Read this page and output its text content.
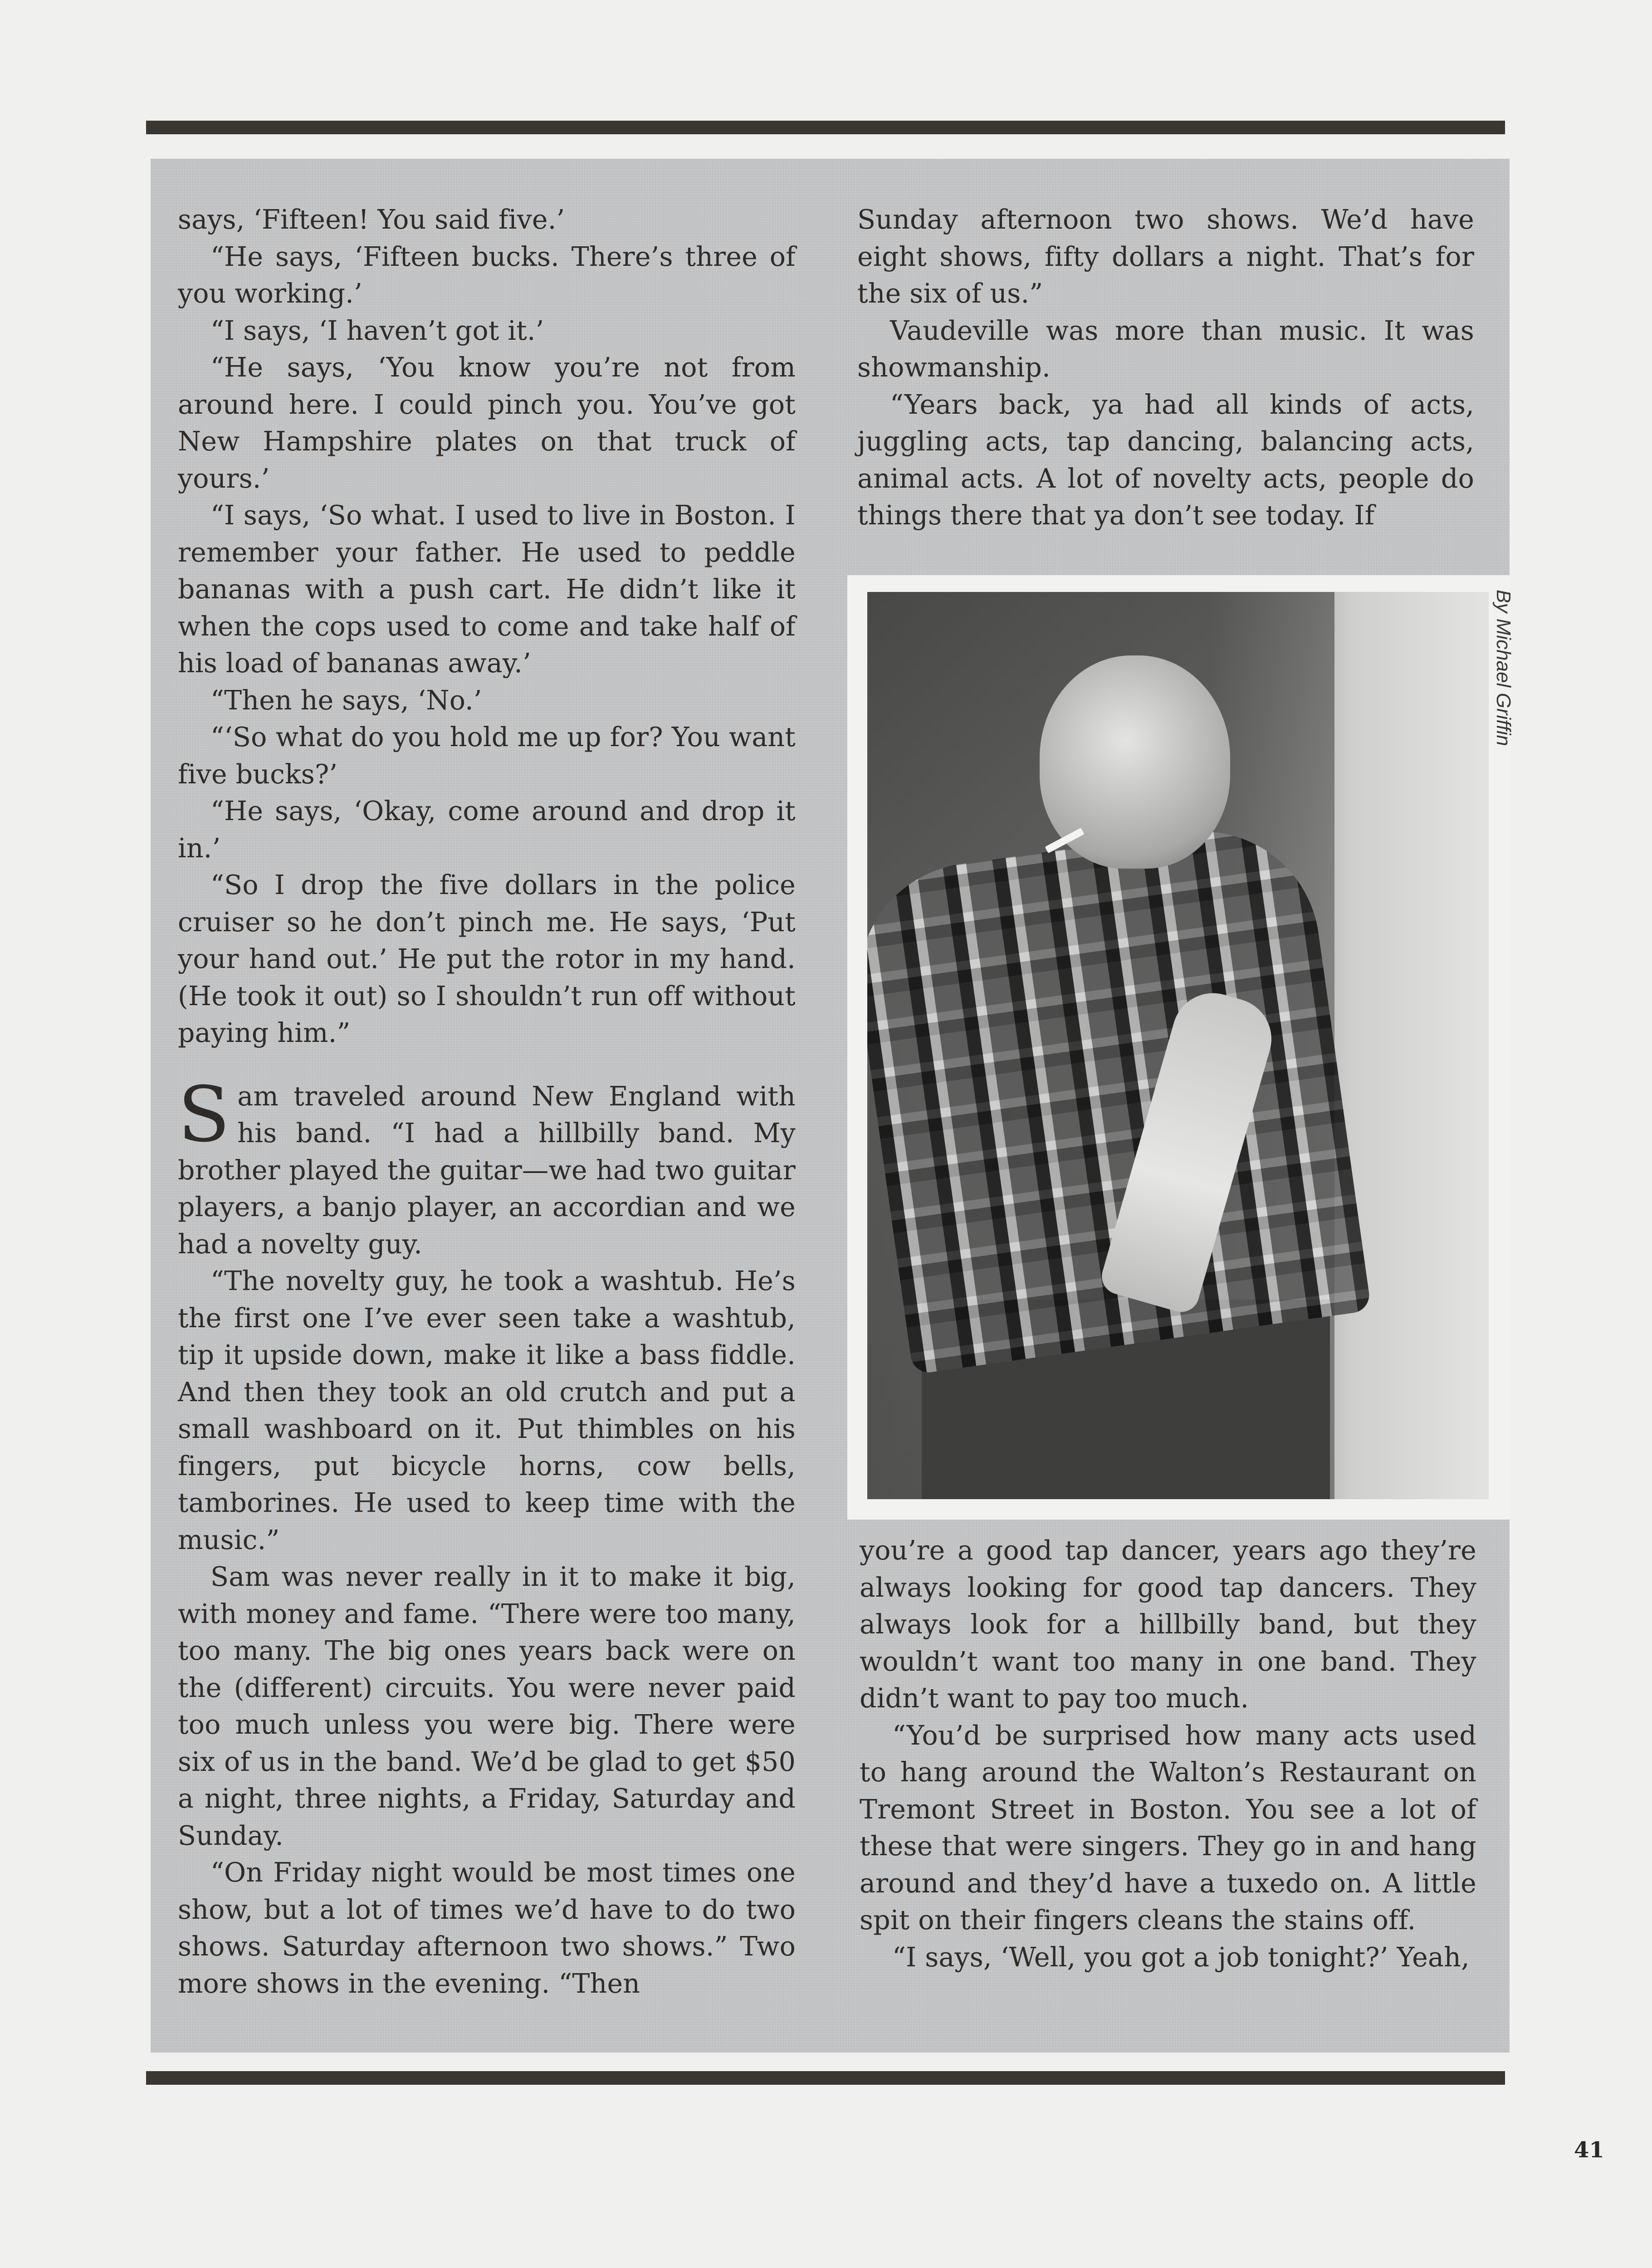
says, ‘Fifteen! You said five.’

“He says, ‘Fifteen bucks. There’s three of you working.’

“I says, ‘I haven’t got it.’

“He says, ‘You know you’re not from around here. I could pinch you. You’ve got New Hampshire plates on that truck of yours.’

“I says, ‘So what. I used to live in Boston. I remember your father. He used to peddle bananas with a push cart. He didn’t like it when the cops used to come and take half of his load of bananas away.’

“Then he says, ‘No.’

“‘So what do you hold me up for? You want five bucks?’

“He says, ‘Okay, come around and drop it in.’

“So I drop the five dollars in the police cruiser so he don’t pinch me. He says, ‘Put your hand out.’ He put the rotor in my hand. (He took it out) so I shouldn’t run off without paying him.”

Sam traveled around New England with his band. “I had a hillbilly band. My brother played the guitar—we had two guitar players, a banjo player, an accordian and we had a novelty guy.

“The novelty guy, he took a washtub. He’s the first one I’ve ever seen take a washtub, tip it upside down, make it like a bass fiddle. And then they took an old crutch and put a small washboard on it. Put thimbles on his fingers, put bicycle horns, cow bells, tamborines. He used to keep time with the music.”

Sam was never really in it to make it big, with money and fame. “There were too many, too many. The big ones years back were on the (different) circuits. You were never paid too much unless you were big. There were six of us in the band. We’d be glad to get $50 a night, three nights, a Friday, Saturday and Sunday.

“On Friday night would be most times one show, but a lot of times we’d have to do two shows. Saturday afternoon two shows.” Two more shows in the evening. “Then

Sunday afternoon two shows. We’d have eight shows, fifty dollars a night. That’s for the six of us.”

Vaudeville was more than music. It was showmanship.

“Years back, ya had all kinds of acts, juggling acts, tap dancing, balancing acts, animal acts. A lot of novelty acts, people do things there that ya don’t see today. If

By Michael Griffin

you’re a good tap dancer, years ago they’re always looking for good tap dancers. They always look for a hillbilly band, but they wouldn’t want too many in one band. They didn’t want to pay too much.

“You’d be surprised how many acts used to hang around the Walton’s Restaurant on Tremont Street in Boston. You see a lot of these that were singers. They go in and hang around and they’d have a tuxedo on. A little spit on their fingers cleans the stains off.

“I says, ‘Well, you got a job tonight?’ Yeah,

41
